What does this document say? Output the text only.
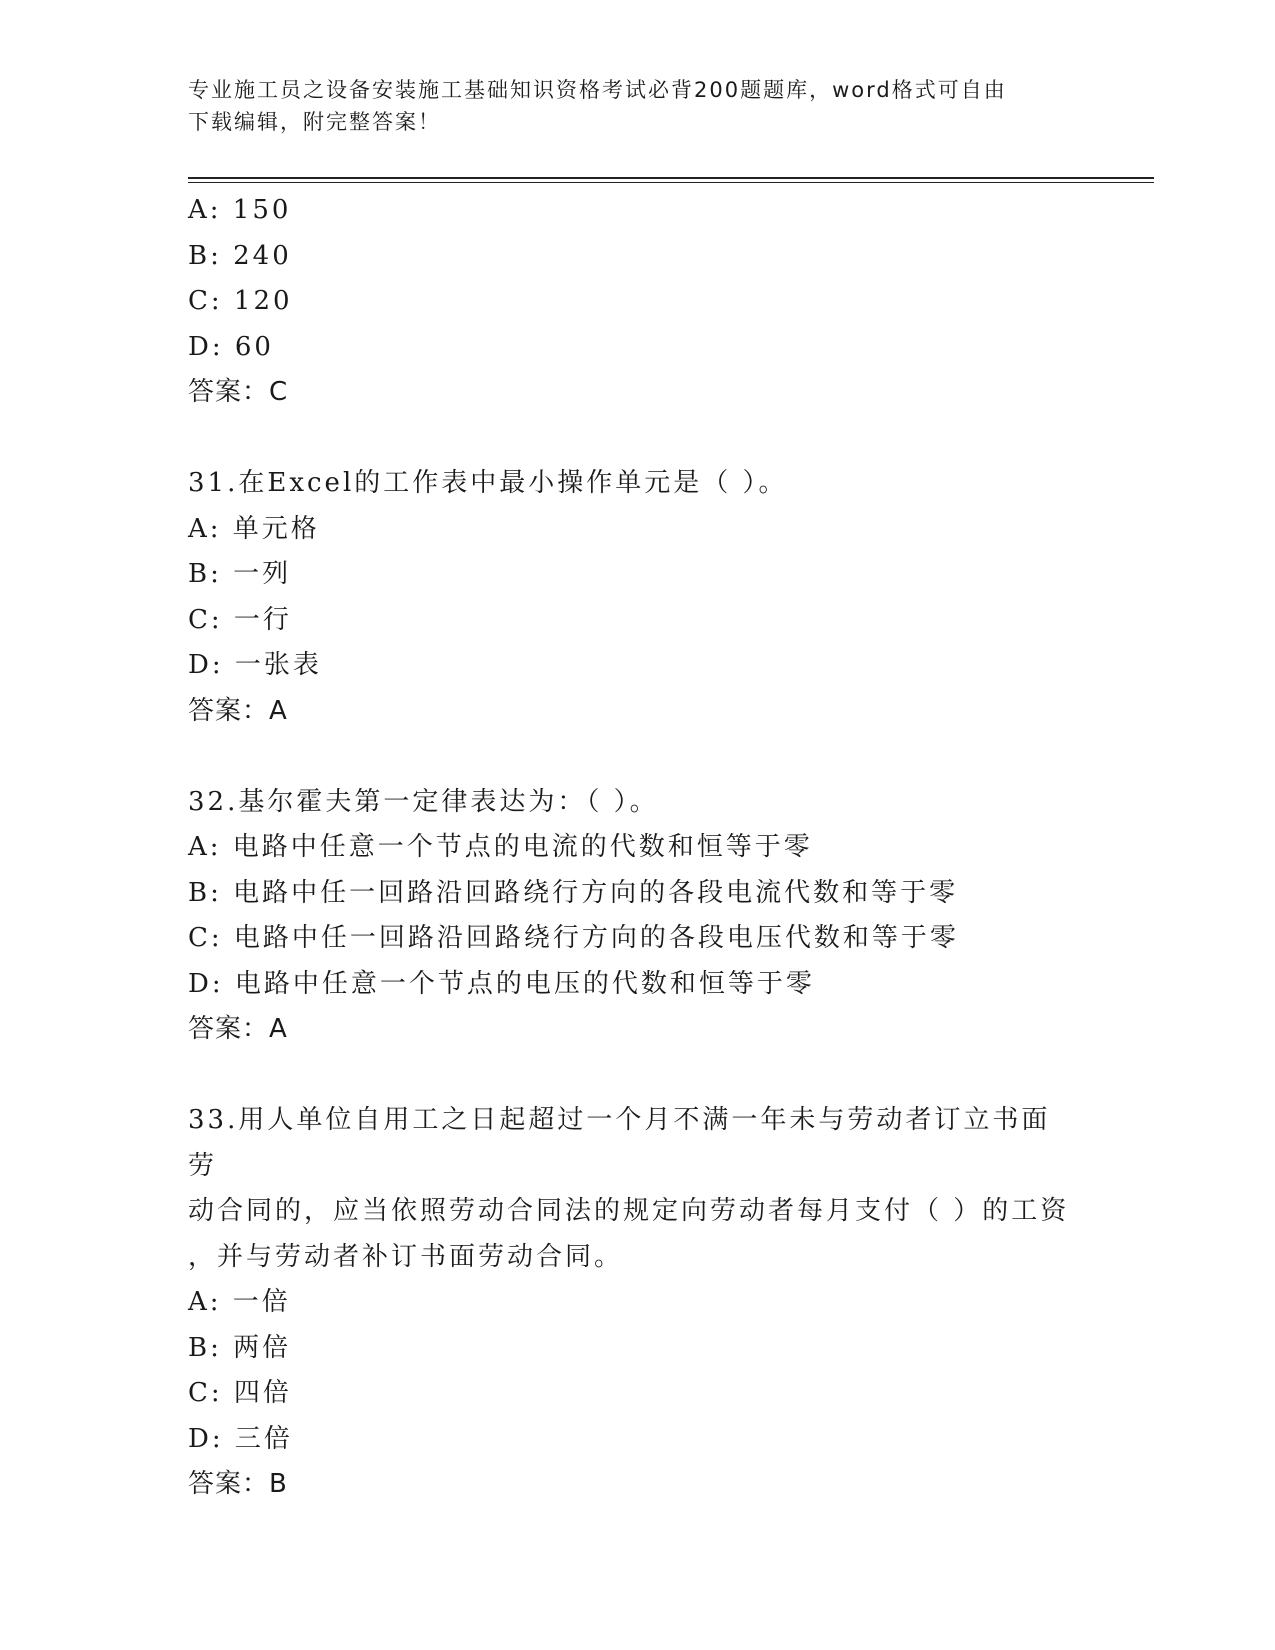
专业施工员之设备安装施工基础知识资格考试必背200题题库，word格式可自由
下载编辑，附完整答案！
A: 150
B: 240
C: 120
D: 60
答案：C
31.在Excel的工作表中最小操作单元是（ ）。
A: 单元格
B: 一列
C: 一行
D: 一张表
答案：A
32.基尔霍夫第一定律表达为：（ ）。
A: 电路中任意一个节点的电流的代数和恒等于零
B: 电路中任一回路沿回路绕行方向的各段电流代数和等于零
C: 电路中任一回路沿回路绕行方向的各段电压代数和等于零
D: 电路中任意一个节点的电压的代数和恒等于零
答案：A
33.用人单位自用工之日起超过一个月不满一年未与劳动者订立书面劳
动合同的，应当依照劳动合同法的规定向劳动者每月支付（ ）的工资
，并与劳动者补订书面劳动合同。
A: 一倍
B: 两倍
C: 四倍
D: 三倍
答案：B
